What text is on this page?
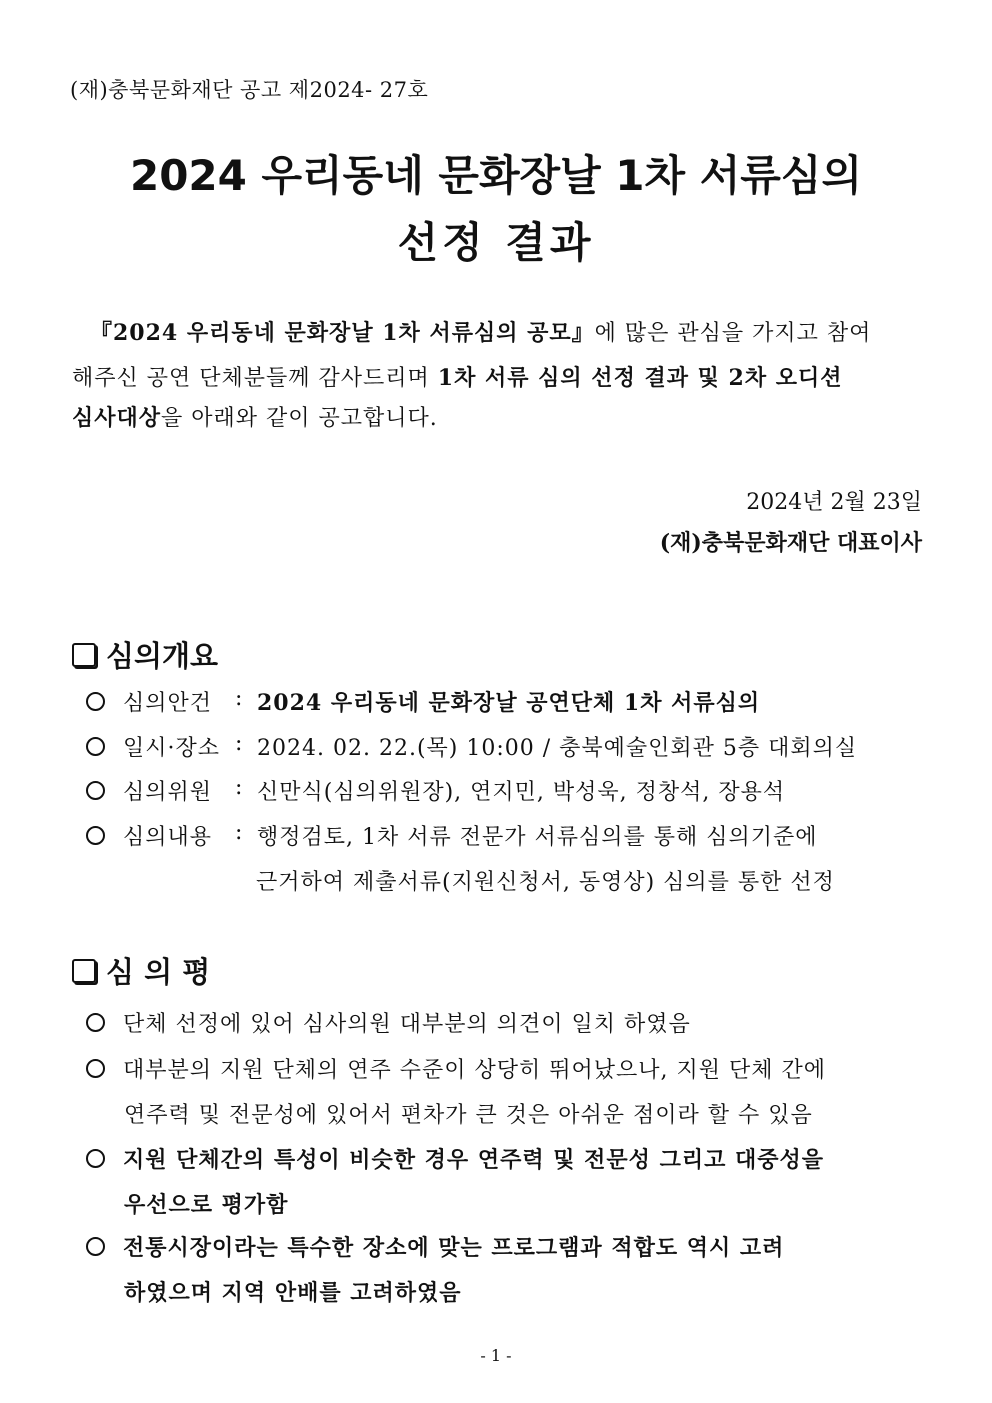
(재)충북문화재단 공고 제2024- 27호
2024 우리동네 문화장날 1차 서류심의
선정 결과
『2024 우리동네 문화장날 1차 서류심의 공모』에 많은 관심을 가지고 참여
해주신 공연 단체분들께 감사드리며 1차 서류 심의 선정 결과 및 2차 오디션
심사대상을 아래와 같이 공고합니다.
2024년 2월 23일
(재)충북문화재단 대표이사
심의개요
심의안건	: 2024 우리동네 문화장날 공연단체 1차 서류심의
일시·장소 : 2024. 02. 22.(목) 10:00 / 충북예술인회관 5층 대회의실
심의위원	: 신만식(심의위원장), 연지민, 박성욱, 정창석, 장용석
심의내용	: 행정검토, 1차 서류 전문가 서류심의를 통해 심의기준에
근거하여 제출서류(지원신청서, 동영상) 심의를 통한 선정
심 의 평
단체 선정에 있어 심사의원 대부분의 의견이 일치 하였음
대부분의 지원 단체의 연주 수준이 상당히 뛰어났으나, 지원 단체 간에
연주력 및 전문성에 있어서 편차가 큰 것은 아쉬운 점이라 할 수 있음
지원 단체간의 특성이 비슷한 경우 연주력 및 전문성 그리고 대중성을
우선으로 평가함
전통시장이라는 특수한 장소에 맞는 프로그램과 적합도 역시 고려
하였으며 지역 안배를 고려하였음
- 1 -
